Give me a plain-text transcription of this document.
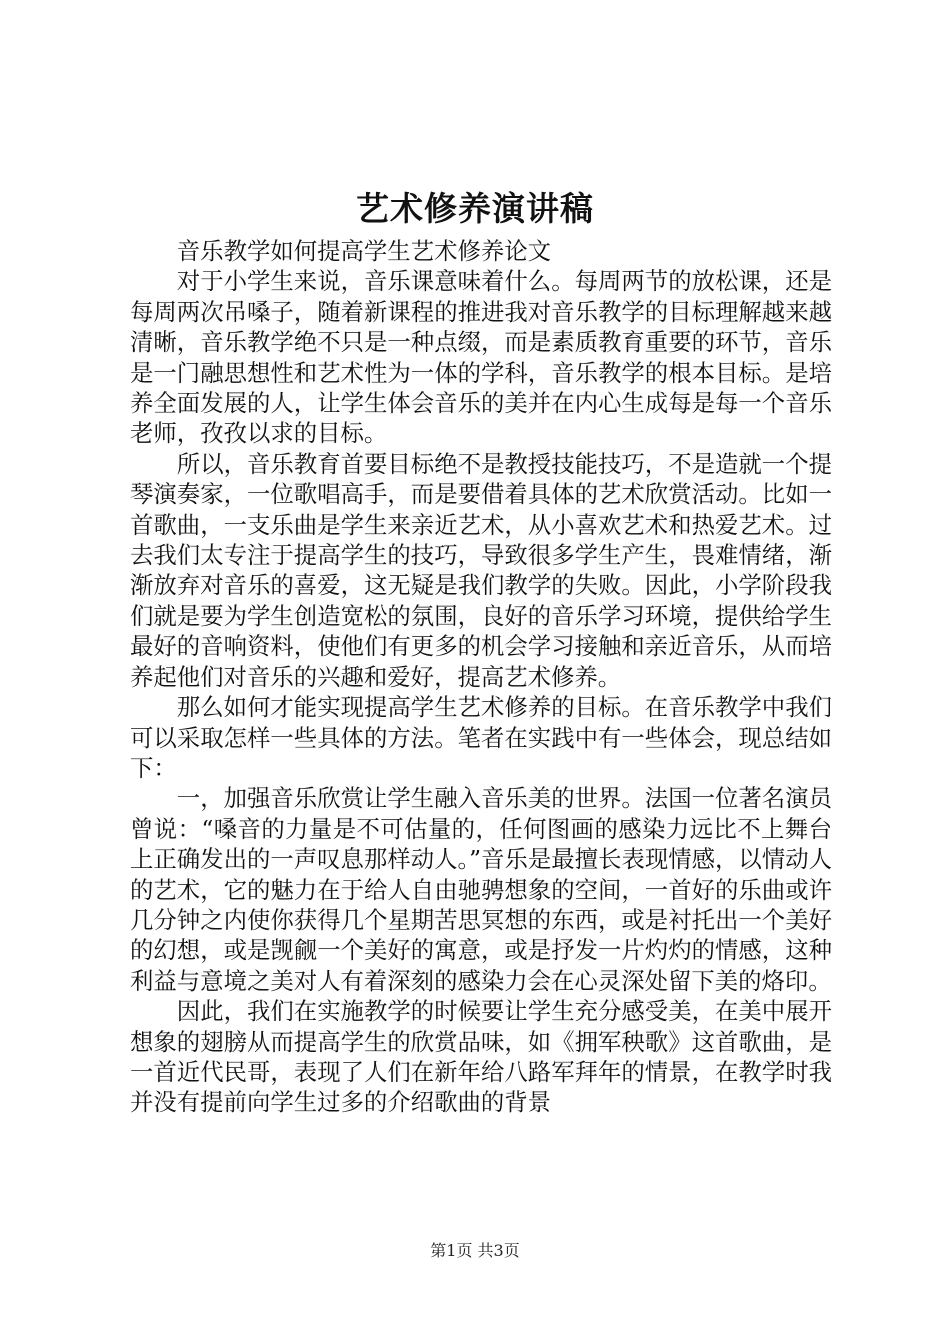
艺术修养演讲稿

音乐教学如何提高学生艺术修养论文

对于小学生来说，音乐课意味着什么。每周两节的放松课，还是每周两次吊嗓子，随着新课程的推进我对音乐教学的目标理解越来越清晰，音乐教学绝不只是一种点缀，而是素质教育重要的环节，音乐是一门融思想性和艺术性为一体的学科，音乐教学的根本目标。是培养全面发展的人，让学生体会音乐的美并在内心生成每是每一个音乐老师，孜孜以求的目标。

所以，音乐教育首要目标绝不是教授技能技巧，不是造就一个提琴演奏家，一位歌唱高手，而是要借着具体的艺术欣赏活动。比如一首歌曲，一支乐曲是学生来亲近艺术，从小喜欢艺术和热爱艺术。过去我们太专注于提高学生的技巧，导致很多学生产生，畏难情绪，渐渐放弃对音乐的喜爱，这无疑是我们教学的失败。因此，小学阶段我们就是要为学生创造宽松的氛围，良好的音乐学习环境，提供给学生最好的音响资料，使他们有更多的机会学习接触和亲近音乐，从而培养起他们对音乐的兴趣和爱好，提高艺术修养。

那么如何才能实现提高学生艺术修养的目标。在音乐教学中我们可以采取怎样一些具体的方法。笔者在实践中有一些体会，现总结如下：

一，加强音乐欣赏让学生融入音乐美的世界。法国一位著名演员曾说：“嗓音的力量是不可估量的，任何图画的感染力远比不上舞台上正确发出的一声叹息那样动人。”音乐是最擅长表现情感，以情动人的艺术，它的魅力在于给人自由驰骋想象的空间，一首好的乐曲或许几分钟之内使你获得几个星期苦思冥想的东西，或是衬托出一个美好的幻想，或是觊觎一个美好的寓意，或是抒发一片灼灼的情感，这种利益与意境之美对人有着深刻的感染力会在心灵深处留下美的烙印。

因此，我们在实施教学的时候要让学生充分感受美，在美中展开想象的翅膀从而提高学生的欣赏品味，如《拥军秧歌》这首歌曲，是一首近代民哥，表现了人们在新年给八路军拜年的情景，在教学时我并没有提前向学生过多的介绍歌曲的背景

第1页 共3页
